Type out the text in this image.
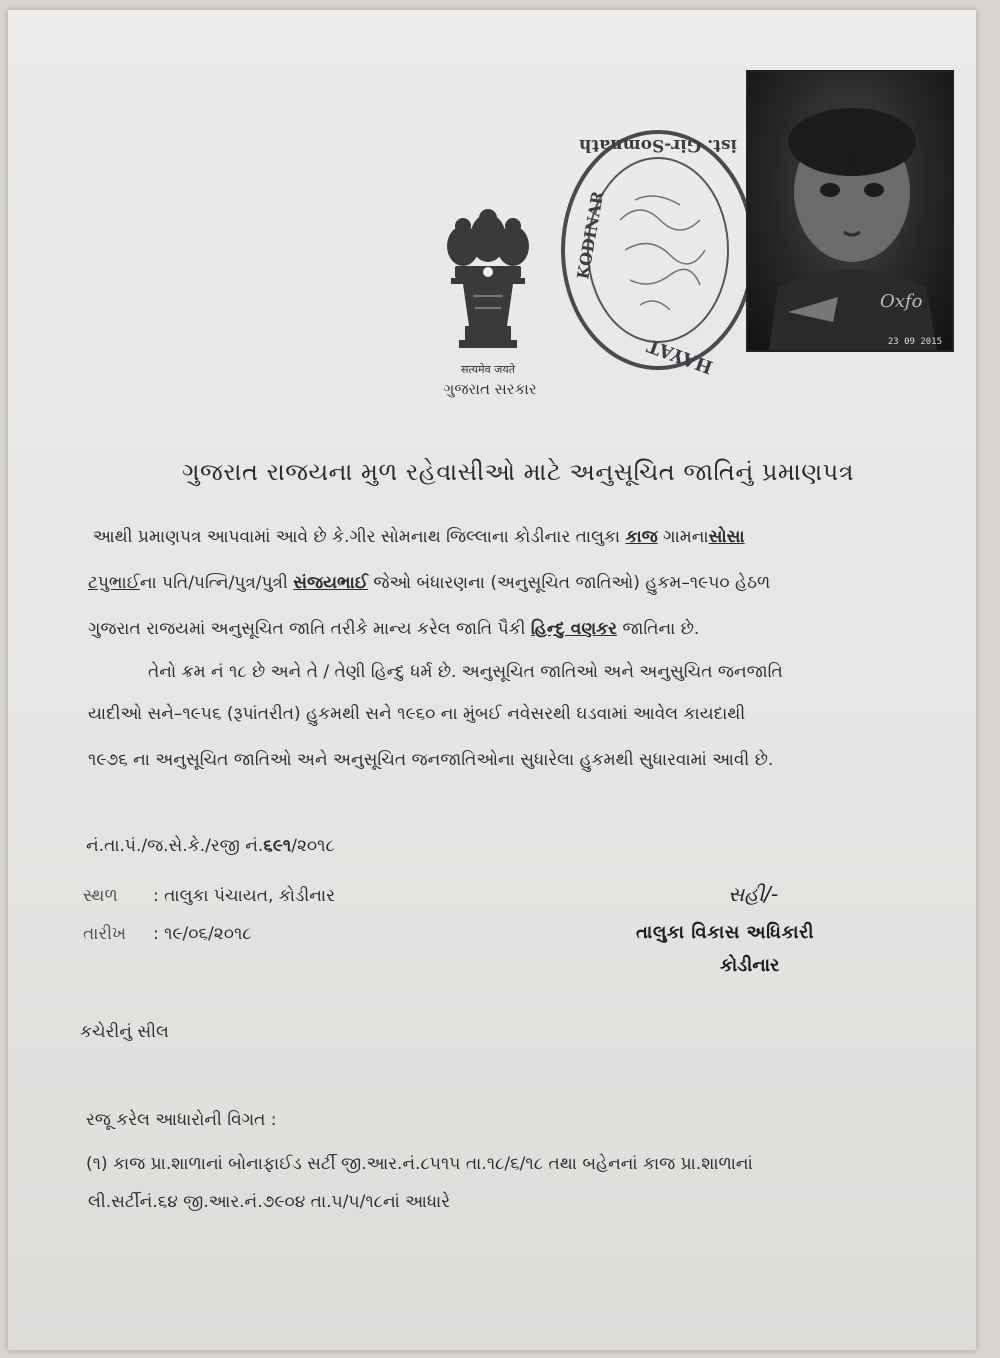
सत्यमेव जयते
ગુજરાત સરકાર
ist. Gir-Somnath
KODINAR
HAYAT
Oxfo
23 09 2015
ગુજરાત રાજયના મુળ રહેવાસીઓ માટે અનુસૂચિત જાતિનું પ્રમાણપત્ર
આથી પ્રમાણપત્ર આપવામાં આવે છે કે.ગીર સોમનાથ જિલ્લાના કોડીનાર તાલુકા કાજ ગામનાસોસા
ટપુભાઈના પતિ/પત્નિ/પુત્ર/પુત્રી સંજયભાઈ જેઓ બંધારણના (અનુસૂચિત જાતિઓ) હુકમ–૧૯૫૦ હેઠળ
ગુજરાત રાજયમાં અનુસૂચિત જાતિ તરીકે માન્ય કરેલ જાતિ પૈકી હિન્દુ વણકર જાતિના છે.
તેનો ક્રમ નં ૧૮ છે અને તે / તેણી હિન્દુ ધર્મ છે. અનુસૂચિત જાતિઓ અને અનુસુચિત જનજાતિ
યાદીઓ સને–૧૯૫૬ (રૂપાંતરીત) હુકમથી સને ૧૯૬૦ ના મુંબઈ નવેસરથી ઘડવામાં આવેલ કાયદાથી
૧૯૭૬ ના અનુસૂચિત જાતિઓ અને અનુસૂચિત જનજાતિઓના સુધારેલા હુકમથી સુધારવામાં આવી છે.
નં.તા.પં./જ.સે.કે./રજી નં.૬૯૧/૨૦૧૮
સ્થળ : તાલુકા પંચાયત, કોડીનાર
તારીખ : ૧૯/૦૬/૨૦૧૮
સહી/-
તાલુકા વિકાસ અધિકારી
કોડીનાર
કચેરીનું સીલ
રજૂ કરેલ આધારોની વિગત :
(૧) કાજ પ્રા.શાળાનાં બોનાફાઈડ સર્ટી જી.આર.નં.૮૫૧૫ તા.૧૮/૬/૧૮ તથા બહેનનાં કાજ પ્રા.શાળાનાં
લી.સર્ટીનં.૬૪ જી.આર.નં.૭૯૦૪ તા.૫/૫/૧૮નાં આધારે
